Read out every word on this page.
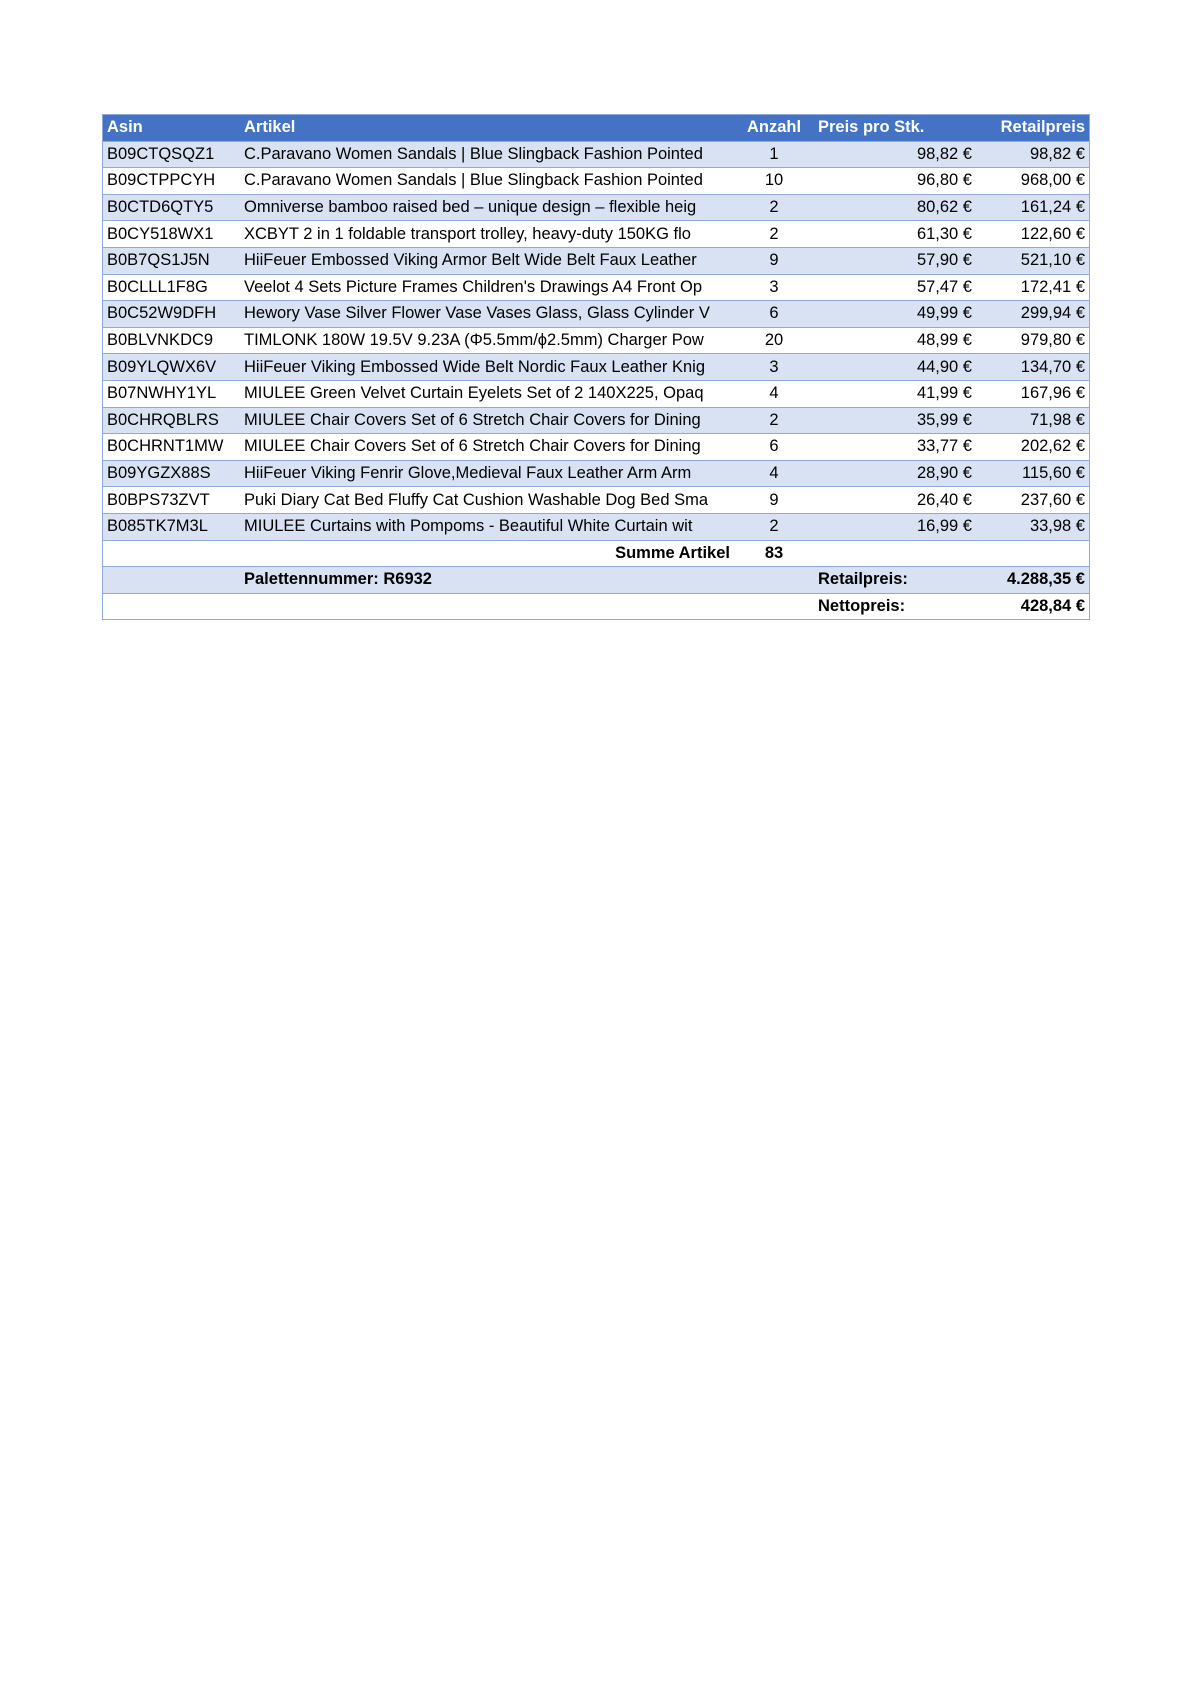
Asin	Artikel	Anzahl	Preis pro Stk.	Retailpreis
B09CTQSQZ1	C.Paravano Women Sandals | Blue Slingback Fashion Pointed	1	98,82 €	98,82 €
B09CTPPCYH	C.Paravano Women Sandals | Blue Slingback Fashion Pointed	10	96,80 €	968,00 €
B0CTD6QTY5	Omniverse bamboo raised bed – unique design – flexible heig	2	80,62 €	161,24 €
B0CY518WX1	XCBYT 2 in 1 foldable transport trolley, heavy-duty 150KG flo	2	61,30 €	122,60 €
B0B7QS1J5N	HiiFeuer Embossed Viking Armor Belt Wide Belt Faux Leather	9	57,90 €	521,10 €
B0CLLL1F8G	Veelot 4 Sets Picture Frames Children's Drawings A4 Front Op	3	57,47 €	172,41 €
B0C52W9DFH	Hewory Vase Silver Flower Vase Vases Glass, Glass Cylinder V	6	49,99 €	299,94 €
B0BLVNKDC9	TIMLONK 180W 19.5V 9.23A (Φ5.5mm/ϕ2.5mm) Charger Pow	20	48,99 €	979,80 €
B09YLQWX6V	HiiFeuer Viking Embossed Wide Belt Nordic Faux Leather Knig	3	44,90 €	134,70 €
B07NWHY1YL	MIULEE Green Velvet Curtain Eyelets Set of 2 140X225, Opaq	4	41,99 €	167,96 €
B0CHRQBLRS	MIULEE Chair Covers Set of 6 Stretch Chair Covers for Dining	2	35,99 €	71,98 €
B0CHRNT1MW	MIULEE Chair Covers Set of 6 Stretch Chair Covers for Dining	6	33,77 €	202,62 €
B09YGZX88S	HiiFeuer Viking Fenrir Glove,Medieval Faux Leather Arm Arm	4	28,90 €	115,60 €
B0BPS73ZVT	Puki Diary Cat Bed Fluffy Cat Cushion Washable Dog Bed Sma	9	26,40 €	237,60 €
B085TK7M3L	MIULEE Curtains with Pompoms - Beautiful White Curtain wit	2	16,99 €	33,98 €
	Summe Artikel	83		
	Palettennummer: R6932		Retailpreis:	4.288,35 €
			Nettopreis:	428,84 €
